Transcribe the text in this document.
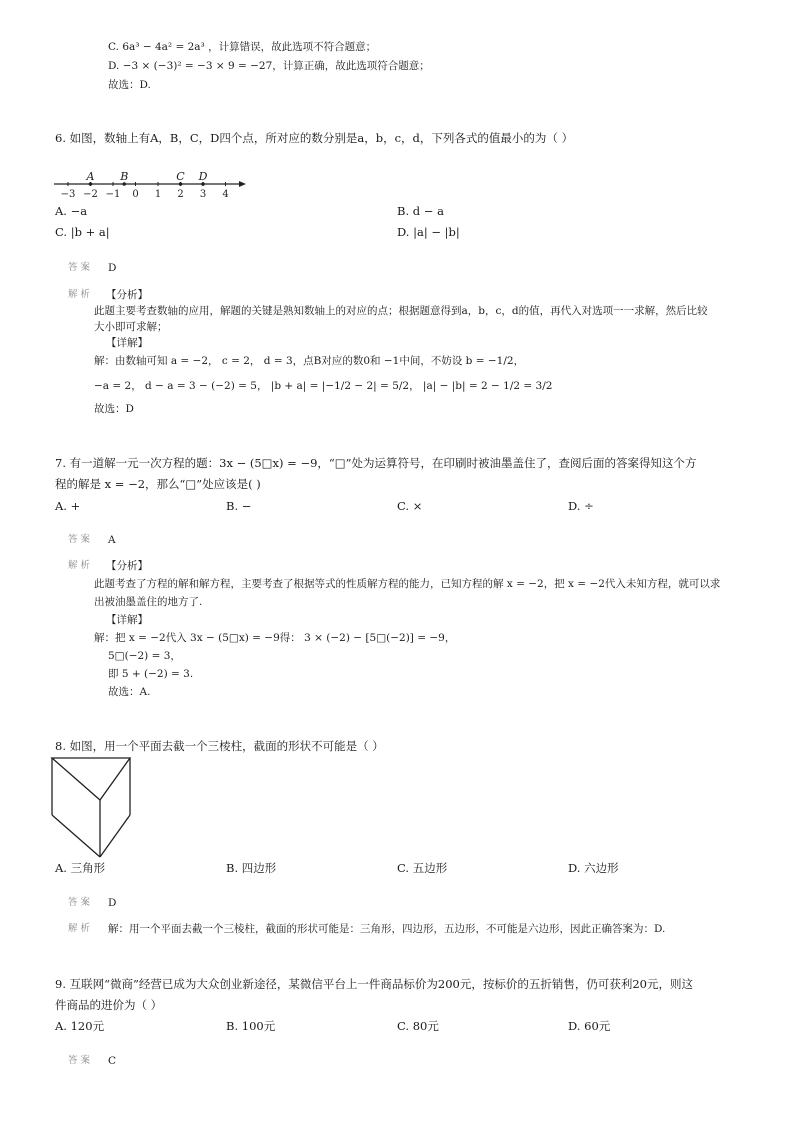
C. 6a³ − 4a² = 2a³ ，计算错误，故此选项不符合题意；
D. −3 × (−3)² = −3 × 9 = −27，计算正确，故此选项符合题意；
故选：D.
6. 如图，数轴上有A，B，C，D四个点，所对应的数分别是a，b，c，d，下列各式的值最小的为（ ）
−3 −2 −1 0 1 2 3 4
A B	C D
A. −a	B. d − a
C. |b + a|	D. |a| − |b|
答案 D
解析 【分析】
此题主要考查数轴的应用，解题的关键是熟知数轴上的对应的点；根据题意得到a，b，c，d的值，再代入对选项一一求解，然后比较
大小即可求解；
【详解】
解：由数轴可知 a = −2， c = 2， d = 3，点B对应的数0和 −1中间，不妨设 b = −1/2，
−a = 2， d − a = 3 − (−2) = 5， |b + a| = |−1/2 − 2| = 5/2， |a| − |b| = 2 − 1/2 = 3/2
故选：D
7. 有一道解一元一次方程的题：3x − (5□x) = −9，“□”处为运算符号，在印刷时被油墨盖住了，查阅后面的答案得知这个方
程的解是 x = −2，那么“□”处应该是( )
A. +	B. −	C. ×	D. ÷
答案 A
解析 【分析】
此题考查了方程的解和解方程，主要考查了根据等式的性质解方程的能力，已知方程的解 x = −2，把 x = −2代入未知方程，就可以求
出被油墨盖住的地方了.
【详解】
解：把 x = −2代入 3x − (5□x) = −9得： 3 × (−2) − [5□(−2)] = −9，
5□(−2) = 3，
即 5 + (−2) = 3.
故选：A.
8. 如图，用一个平面去截一个三棱柱，截面的形状不可能是（ ）
A. 三角形	B. 四边形	C. 五边形	D. 六边形
答案 D
解析 解：用一个平面去截一个三棱柱，截面的形状可能是：三角形，四边形，五边形，不可能是六边形，因此正确答案为：D.
9. 互联网“微商”经营已成为大众创业新途径，某微信平台上一件商品标价为200元，按标价的五折销售，仍可获利20元，则这
件商品的进价为（ ）
A. 120元	B. 100元	C. 80元	D. 60元
答案 C
